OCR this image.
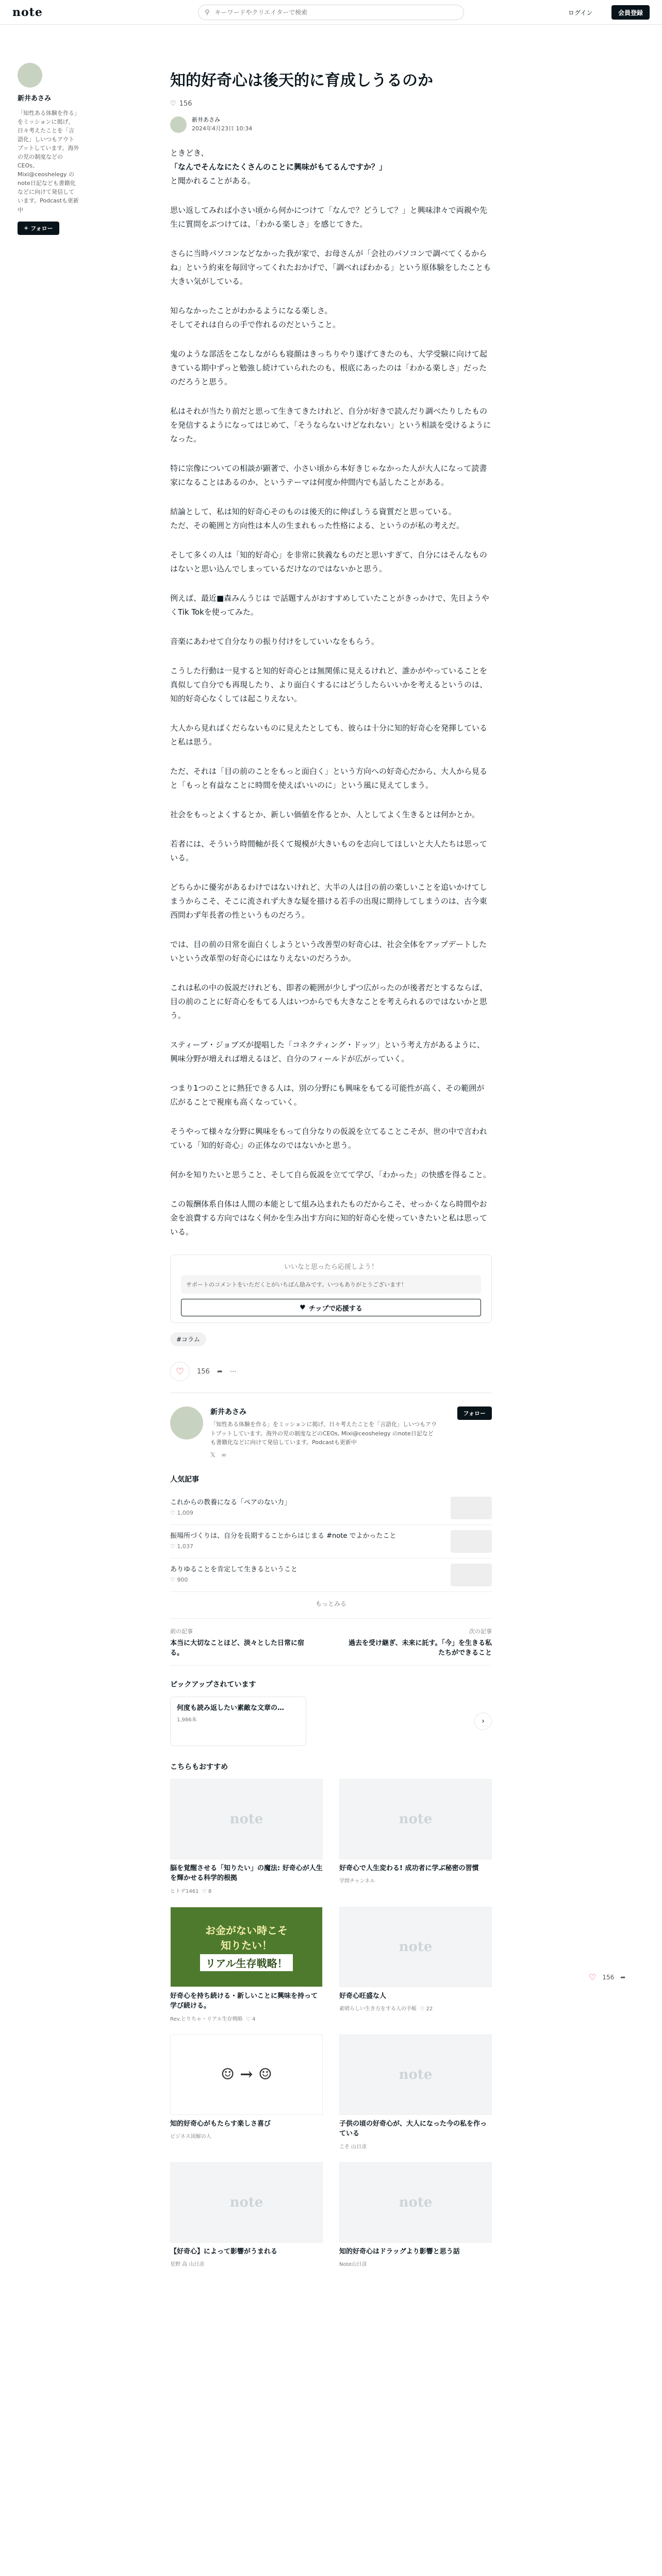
note	⚲
キーワードやクリエイターで検索	ログイン	会員登録
新井あさみ
「知性ある体験を作る」をミッションに掲げ、日々考えたことを「言語化」しいつもアウトプットしています。海外の児の制度などのCEOs、Mixi@ceoshelegy のnote日記なども書籍化などに向けて発信しています。Podcastも更新中
+ フォロー
知的好奇心は後天的に育成しうるのか
♡ 156
新井あさみ
2024年4月23日 10:34

ときどき、
「なんでそんなにたくさんのことに興味がもてるんですか？」
と聞かれることがある。

思い返してみれば小さい頃から何かにつけて「なんで？どうして？」と興味津々で両親や先生に質問をぶつけては、「わかる楽しさ」を感じてきた。

さらに当時パソコンなどなかった我が家で、お母さんが「会社のパソコンで調べてくるからね」という約束を毎回守ってくれたおかげで、「調べればわかる」という原体験をしたことも大きい気がしている。

知らなかったことがわかるようになる楽しさ。
そしてそれは自らの手で作れるのだということ。

鬼のような部活をこなしながらも寝顔はきっちりやり遂げてきたのも、大学受験に向けて起きている期中ずっと勉強し続けていられたのも、根底にあったのは「わかる楽しさ」だったのだろうと思う。

私はそれが当たり前だと思って生きてきたけれど、自分が好きで読んだり調べたりしたものを発信するようになってはじめて、「そうならないけどなれない」という相談を受けるようになった。

特に宗像についての相談が顕著で、小さい頃から本好きじゃなかった人が大人になって読書家になることはあるのか、というテーマは何度か仲間内でも話したことがある。

結論として、私は知的好奇心そのものは後天的に伸ばしうる資質だと思っている。
ただ、その範囲と方向性は本人の生まれもった性格による、というのが私の考えだ。

そして多くの人は「知的好奇心」を非常に狭義なものだと思いすぎて、自分にはそんなものはないと思い込んでしまっているだけなのではないかと思う。

例えば、最近■森みんうじは で話題すんがおすすめしていたことがきっかけで、先日ようやくTik Tokを使ってみた。

音楽にあわせて自分なりの振り付けをしていいなをもらう。

こうした行動は一見すると知的好奇心とは無関係に見えるけれど、誰かがやっていることを真似して自分でも再現したり、より面白くするにはどうしたらいいかを考えるというのは、知的好奇心なくしては起こりえない。

大人から見ればくだらないものに見えたとしても、彼らは十分に知的好奇心を発揮していると私は思う。

ただ、それは「目の前のことをもっと面白く」という方向への好奇心だから、大人から見ると「もっと有益なことに時間を使えばいいのに」という風に見えてしまう。

社会をもっとよくするとか、新しい価値を作るとか、人としてよく生きるとは何かとか。

若者には、そういう時間軸が長くて規模が大きいものを志向してほしいと大人たちは思っている。

どちらかに優劣があるわけではないけれど、大半の人は目の前の楽しいことを追いかけてしまうからこそ、そこに流されず大きな疑を描ける若手の出現に期待してしまうのは、古今東西問わず年長者の性というものだろう。

では、目の前の日常を面白くしようという改善型の好奇心は、社会全体をアップデートしたいという改革型の好奇心にはなりえないのだろうか。

これは私の中の仮説だけれども、即者の範囲が少しずつ広がったのが後者だとするならば、目の前のことに好奇心をもてる人はいつからでも大きなことを考えられるのではないかと思う。

スティーブ・ジョブズが提唱した「コネクティング・ドッツ」という考え方があるように、興味分野が増えれば増えるほど、自分のフィールドが広がっていく。

つまり1つのことに熱狂できる人は、別の分野にも興味をもてる可能性が高く、その範囲が広がることで視座も高くなっていく。

そうやって様々な分野に興味をもって自分なりの仮説を立てることこそが、世の中で言われている「知的好奇心」の正体なのではないかと思う。

何かを知りたいと思うこと、そして自ら仮説を立てて学び、「わかった」の快感を得ること。

この報酬体系自体は人間の本能として組み込まれたものだからこそ、せっかくなら時間やお金を浪費する方向ではなく何かを生み出す方向に知的好奇心を使っていきたいと私は思っている。

いいなと思ったら応援しよう！
サポートのコメントをいただくとがいちばん励みです。いつもありがとうございます！
♥ チップで応援する
#コラム
♡ 156 ➦ ⋯
新井あさみ
「知性ある体験を作る」をミッションに掲げ、日々考えたことを「言語化」しいつもアウトプットしています。海外の児の制度などのCEOs, Mixi@ceoshelegy のnote日記なども書籍化などに向けて発信しています。Podcastも更新中
𝕏 ∞
フォロー
人気記事
これからの教養になる「ペアのない力」
♡ 1,009
振場所づくりは、自分を長期することからはじまる #note でよかったこと
♡ 1,037
ありゆることを肯定して生きるということ
♡ 900
もっとみる
前の記事
本当に大切なことほど、淡々とした日常に宿る。
次の記事
過去を受け継ぎ、未来に託す。「今」を生きる私たちができること
ピックアップされています
何度も読み返したい素敵な文章の…
1,986本	›
こちらもおすすめ
note
脳を覚醒させる「知りたい」の魔法: 好奇心が人生を輝かせる科学的根拠
ヒトデ1461 ♡ 8
note
好奇心で人生変わる! 成功者に学ぶ秘密の習慣
学問チャンネル
お金がない時こそ
知りたい！
リアル生存戦略！
好奇心を持ち続ける・新しいことに興味を持って学び続ける。
Rev.とりちゃ・リアル生存戦略 ♡ 4
note
好奇心旺盛な人
素晴らしい生き方をする人の手帳 ♡ 22
☺ → ☺
知的好奇心がもたらす楽しさ喜び
ビジネス図解の人
note
子供の頃の好奇心が、大人になった今の私を作っている
こそ 山日彦
note
【好奇心】によって影響がうまれる
星野 高 山日彦
note
知的好奇心はドラッグより影響と思う話
Note山日彦
♡ 156 ➦
